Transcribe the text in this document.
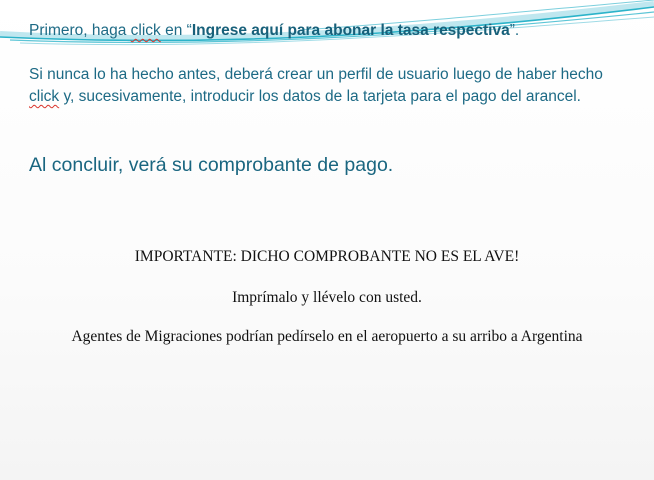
Primero, haga click en “Ingrese aquí para abonar la tasa respectiva”.

Si nunca lo ha hecho antes, deberá crear un perfil de usuario luego de haber hecho click y, sucesivamente, introducir los datos de la tarjeta para el pago del arancel.

Al concluir, verá su comprobante de pago.

IMPORTANTE: DICHO COMPROBANTE NO ES EL AVE!

Imprímalo y llévelo con usted.

Agentes de Migraciones podrían pedírselo en el aeropuerto a su arribo a Argentina
